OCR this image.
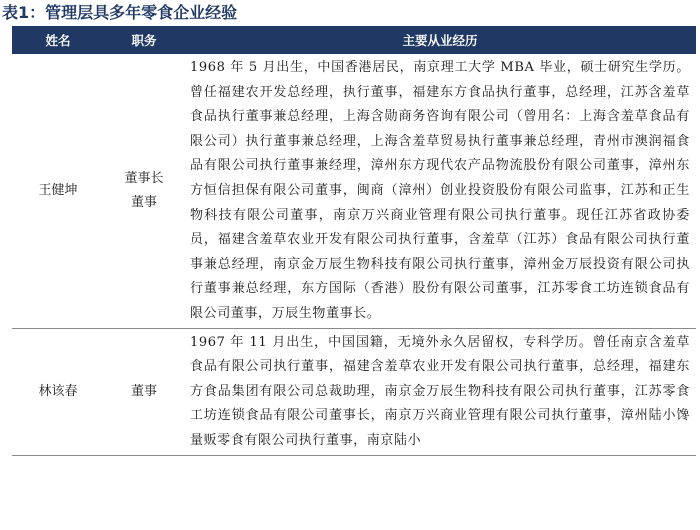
表1：管理层具多年零食企业经验
姓名	职务	主要从业经历
王健坤	董事长董事	1968 年 5 月出生，中国香港居民，南京理工大学 MBA 毕业，硕士研究生学历。曾任福建农开发总经理，执行董事，福建东方食品执行董事，总经理，江苏含羞草食品执行董事兼总经理，上海含勋商务咨询有限公司（曾用名：上海含羞草食品有限公司）执行董事兼总经理，上海含羞草贸易执行董事兼总经理，青州市澳润福食品有限公司执行董事兼经理，漳州东方现代农产品物流股份有限公司董事，漳州东方恒信担保有限公司董事，闽商（漳州）创业投资股份有限公司监事，江苏和正生物科技有限公司董事，南京万兴商业管理有限公司执行董事。现任江苏省政协委员，福建含羞草农业开发有限公司执行董事，含羞草（江苏）食品有限公司执行董事兼总经理，南京金万辰生物科技有限公司执行董事，漳州金万辰投资有限公司执行董事兼总经理，东方国际（香港）股份有限公司董事，江苏零食工坊连锁食品有限公司董事，万辰生物董事长。
林该春	董事	1967 年 11 月出生，中国国籍，无境外永久居留权，专科学历。曾任南京含羞草食品有限公司执行董事，福建含羞草农业开发有限公司执行董事，总经理，福建东方食品集团有限公司总裁助理，南京金万辰生物科技有限公司执行董事，江苏零食工坊连锁食品有限公司董事长，南京万兴商业管理有限公司执行董事，漳州陆小馋量贩零食有限公司执行董事，南京陆小
